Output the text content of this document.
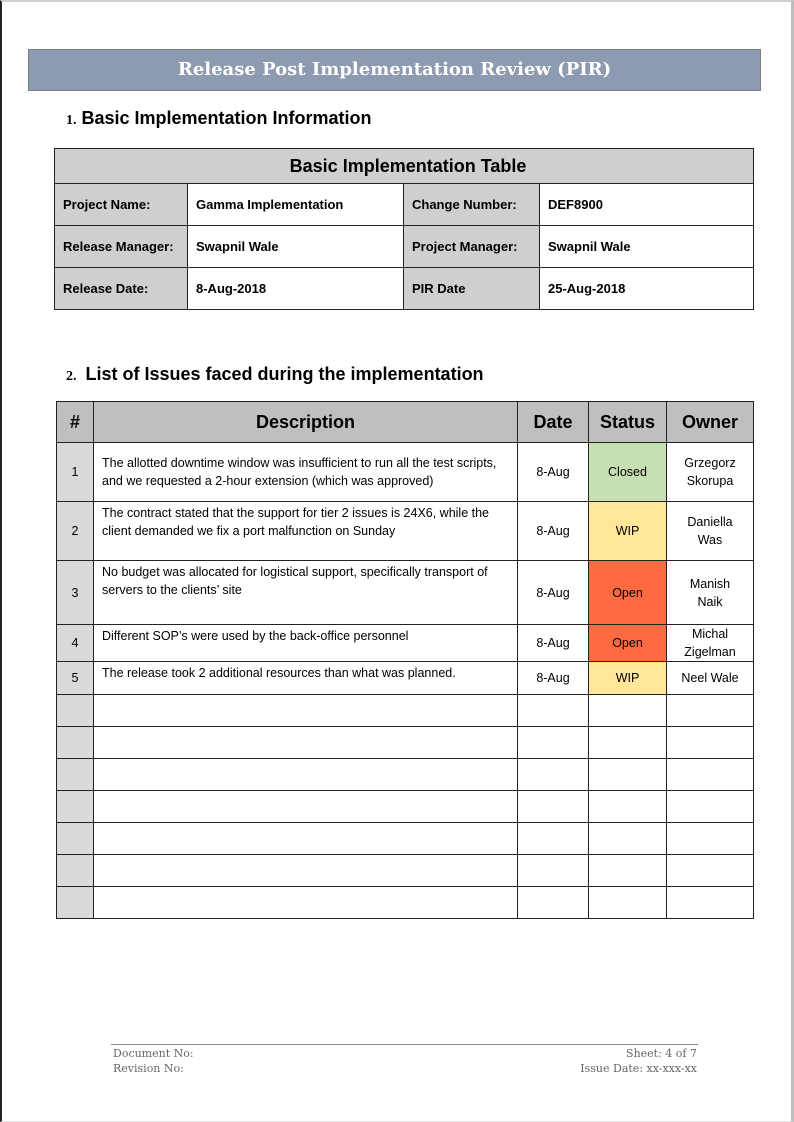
Release Post Implementation Review (PIR)
1. Basic Implementation Information
Basic Implementation Table			
Project Name:	Gamma Implementation	Change Number:	DEF8900
Release Manager:	Swapnil Wale	Project Manager:	Swapnil Wale
Release Date:	8-Aug-2018	PIR Date	25-Aug-2018
2. List of Issues faced during the implementation
#	Description	Date	Status	Owner
1	The allotted downtime window was insufficient to run all the test scripts, and we requested a 2-hour extension (which was approved)	8-Aug	Closed	Grzegorz Skorupa
2	The contract stated that the support for tier 2 issues is 24X6, while the client demanded we fix a port malfunction on Sunday	8-Aug	WIP	Daniella Was
3	No budget was allocated for logistical support, specifically transport of servers to the clients’ site	8-Aug	Open	Manish Naik
4	Different SOP’s were used by the back-office personnel	8-Aug	Open	Michal Zigelman
5	The release took 2 additional resources than what was planned.	8-Aug	WIP	Neel Wale

Document No:
Revision No:
Sheet: 4 of 7
Issue Date: xx-xxx-xx
